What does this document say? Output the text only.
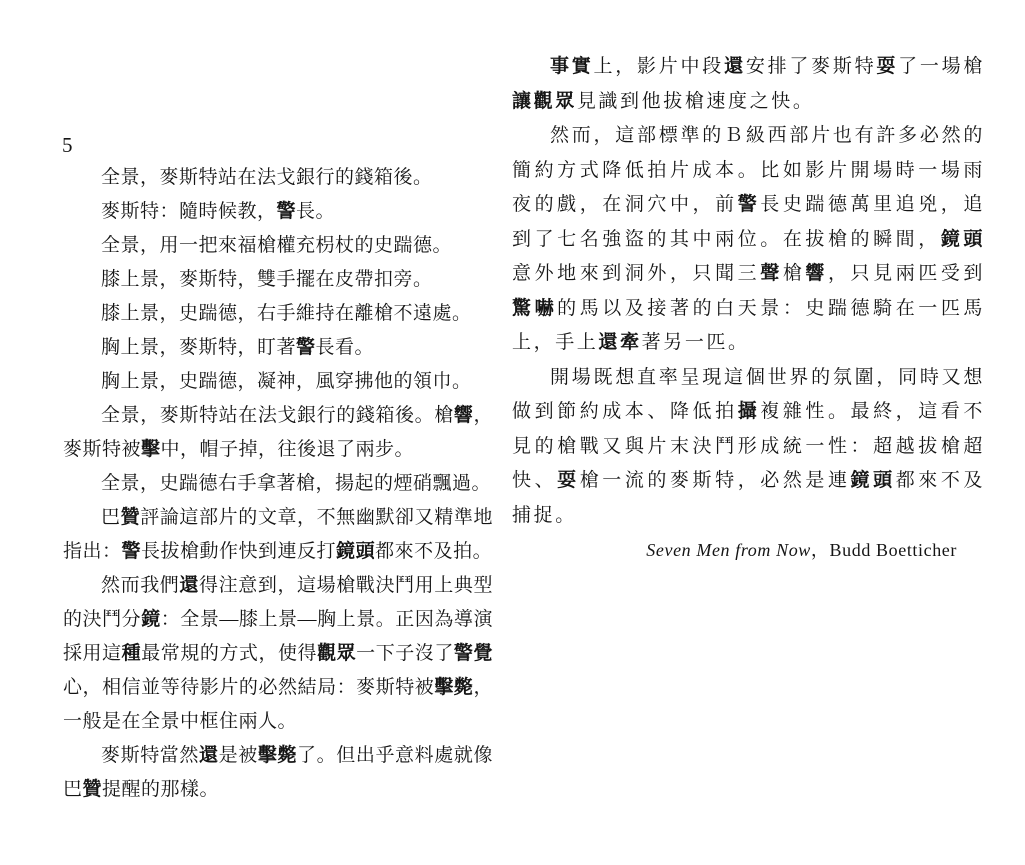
5

全景，麥斯特站在法戈銀行的錢箱後。

麥斯特：隨時候教，警長。

全景，用一把來福槍權充枴杖的史踹德。

膝上景，麥斯特，雙手擺在皮帶扣旁。

膝上景，史踹德，右手維持在離槍不遠處。

胸上景，麥斯特，盯著警長看。

胸上景，史踹德，凝神，風穿拂他的領巾。

全景，麥斯特站在法戈銀行的錢箱後。槍響，麥斯特被擊中，帽子掉，往後退了兩步。

全景，史踹德右手拿著槍，揚起的煙硝飄過。

巴贊評論這部片的文章，不無幽默卻又精準地指出：警長拔槍動作快到連反打鏡頭都來不及拍。

然而我們還得注意到，這場槍戰決鬥用上典型的決鬥分鏡：全景—膝上景—胸上景。正因為導演採用這種最常規的方式，使得觀眾一下子沒了警覺心，相信並等待影片的必然結局：麥斯特被擊斃，一般是在全景中框住兩人。

麥斯特當然還是被擊斃了。但出乎意料處就像巴贊提醒的那樣。

事實上，影片中段還安排了麥斯特耍了一場槍讓觀眾見識到他拔槍速度之快。

然而，這部標準的Ｂ級西部片也有許多必然的簡約方式降低拍片成本。比如影片開場時一場雨夜的戲，在洞穴中，前警長史踹德萬里追兇，追到了七名強盜的其中兩位。在拔槍的瞬間，鏡頭意外地來到洞外，只聞三聲槍響，只見兩匹受到驚嚇的馬以及接著的白天景：史踹德騎在一匹馬上，手上還牽著另一匹。

開場既想直率呈現這個世界的氛圍，同時又想做到節約成本、降低拍攝複雜性。最終，這看不見的槍戰又與片末決鬥形成統一性：超越拔槍超快、耍槍一流的麥斯特，必然是連鏡頭都來不及捕捉。

Seven Men from Now，Budd Boetticher
